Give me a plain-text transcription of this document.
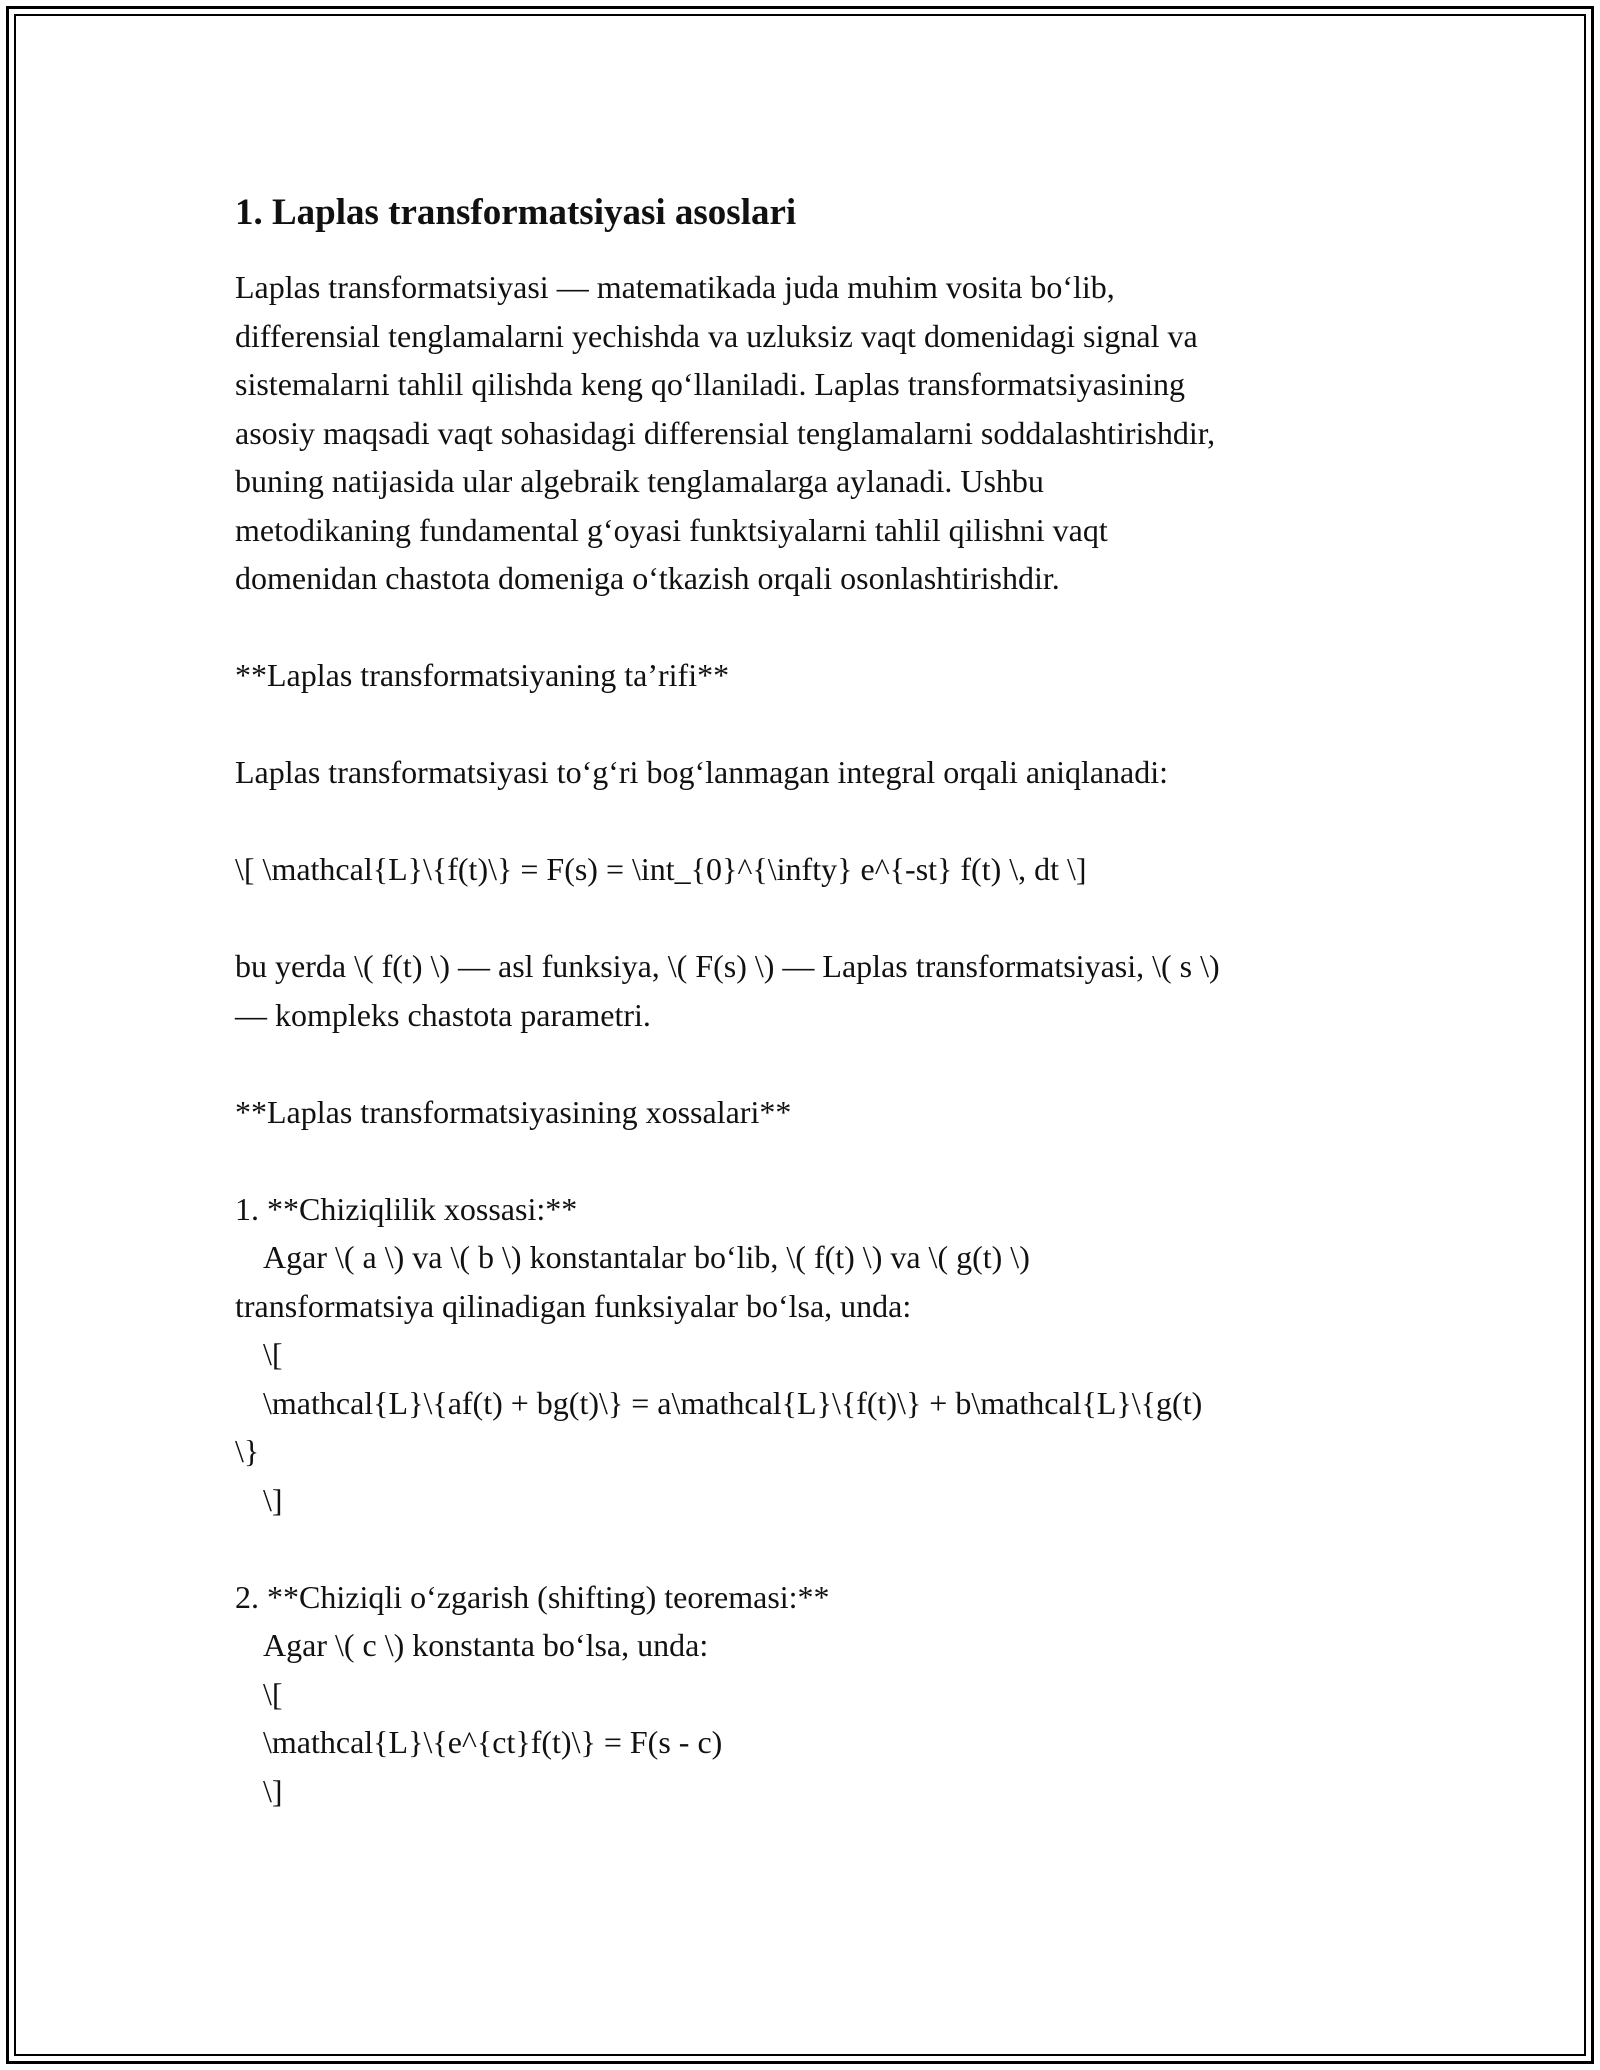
1. Laplas transformatsiyasi asoslari

Laplas transformatsiyasi — matematikada juda muhim vosita bo‘lib,

differensial tenglamalarni yechishda va uzluksiz vaqt domenidagi signal va

sistemalarni tahlil qilishda keng qo‘llaniladi. Laplas transformatsiyasining

asosiy maqsadi vaqt sohasidagi differensial tenglamalarni soddalashtirishdir,

buning natijasida ular algebraik tenglamalarga aylanadi. Ushbu

metodikaning fundamental g‘oyasi funktsiyalarni tahlil qilishni vaqt

domenidan chastota domeniga o‘tkazish orqali osonlashtirishdir.

**Laplas transformatsiyaning ta’rifi**

Laplas transformatsiyasi to‘g‘ri bog‘lanmagan integral orqali aniqlanadi:

\[ \mathcal{L}\{f(t)\} = F(s) = \int_{0}^{\infty} e^{-st} f(t) \, dt \]

bu yerda \( f(t) \) — asl funksiya, \( F(s) \) — Laplas transformatsiyasi, \( s \)

— kompleks chastota parametri.

**Laplas transformatsiyasining xossalari**

1. **Chiziqlilik xossasi:**

Agar \( a \) va \( b \) konstantalar bo‘lib, \( f(t) \) va \( g(t) \)

transformatsiya qilinadigan funksiyalar bo‘lsa, unda:

\[

\mathcal{L}\{af(t) + bg(t)\} = a\mathcal{L}\{f(t)\} + b\mathcal{L}\{g(t)

\}

\]

2. **Chiziqli o‘zgarish (shifting) teoremasi:**

Agar \( c \) konstanta bo‘lsa, unda:

\[

\mathcal{L}\{e^{ct}f(t)\} = F(s - c)

\]
